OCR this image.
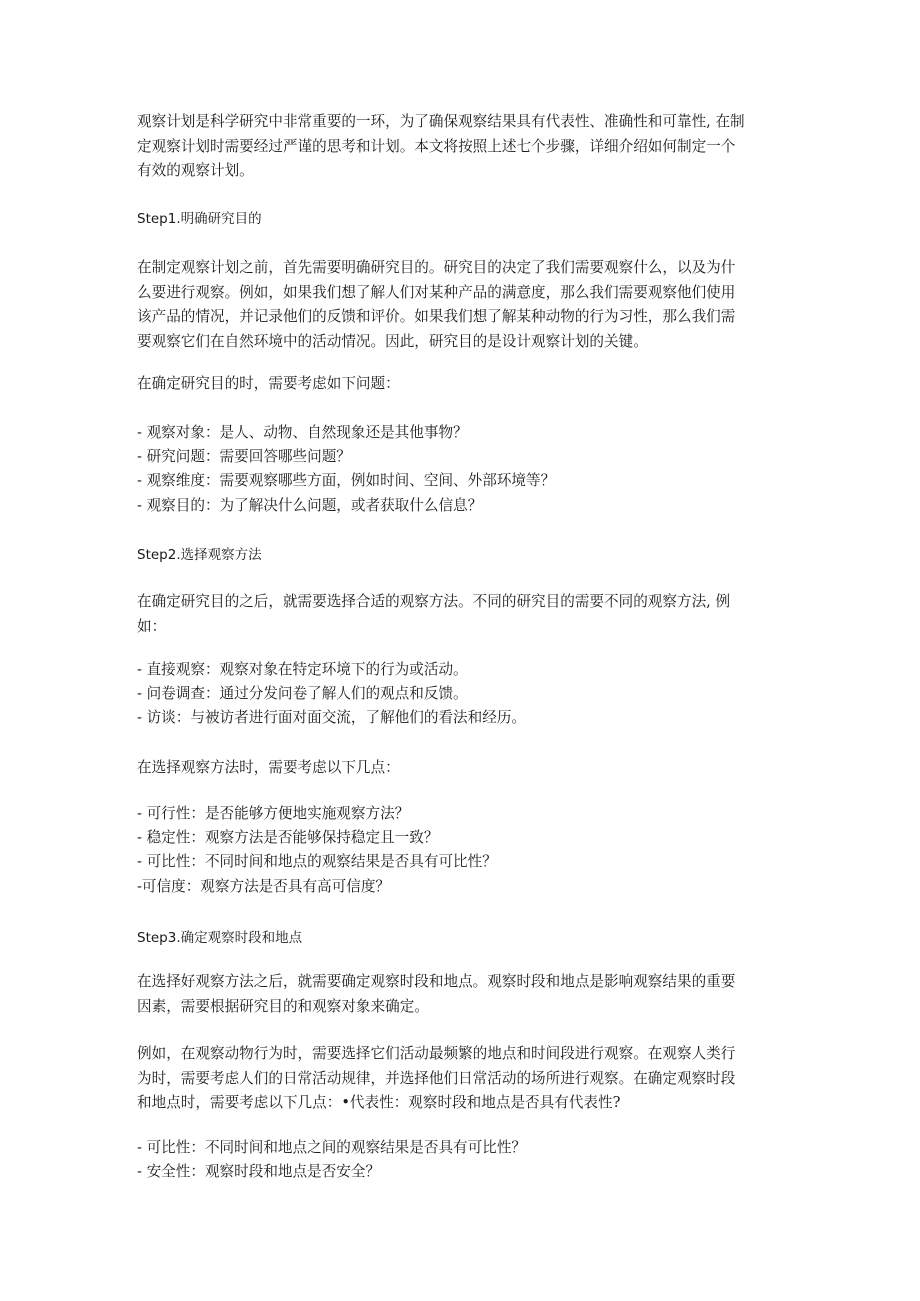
观察计划是科学研究中非常重要的一环，为了确保观察结果具有代表性、准确性和可靠性, 在制
定观察计划时需要经过严谨的思考和计划。本文将按照上述七个步骤，详细介绍如何制定一个
有效的观察计划。
Step1.明确研究目的
在制定观察计划之前，首先需要明确研究目的。研究目的决定了我们需要观察什么，以及为什
么要进行观察。例如，如果我们想了解人们对某种产品的满意度，那么我们需要观察他们使用
该产品的情况，并记录他们的反馈和评价。如果我们想了解某种动物的行为习性，那么我们需
要观察它们在自然环境中的活动情况。因此，研究目的是设计观察计划的关键。
在确定研究目的时，需要考虑如下问题：
- 观察对象：是人、动物、自然现象还是其他事物？
- 研究问题：需要回答哪些问题？
- 观察维度：需要观察哪些方面，例如时间、空间、外部环境等？
- 观察目的：为了解决什么问题，或者获取什么信息？
Step2.选择观察方法
在确定研究目的之后，就需要选择合适的观察方法。不同的研究目的需要不同的观察方法, 例
如：
- 直接观察：观察对象在特定环境下的行为或活动。
- 问卷调查：通过分发问卷了解人们的观点和反馈。
- 访谈：与被访者进行面对面交流，了解他们的看法和经历。
在选择观察方法时，需要考虑以下几点：
- 可行性：是否能够方便地实施观察方法？
- 稳定性：观察方法是否能够保持稳定且一致？
- 可比性：不同时间和地点的观察结果是否具有可比性？
-可信度：观察方法是否具有高可信度？
Step3.确定观察时段和地点
在选择好观察方法之后，就需要确定观察时段和地点。观察时段和地点是影响观察结果的重要
因素，需要根据研究目的和观察对象来确定。
例如，在观察动物行为时，需要选择它们活动最频繁的地点和时间段进行观察。在观察人类行
为时，需要考虑人们的日常活动规律，并选择他们日常活动的场所进行观察。在确定观察时段
和地点时，需要考虑以下几点：•代表性：观察时段和地点是否具有代表性?
- 可比性：不同时间和地点之间的观察结果是否具有可比性？
- 安全性：观察时段和地点是否安全？
